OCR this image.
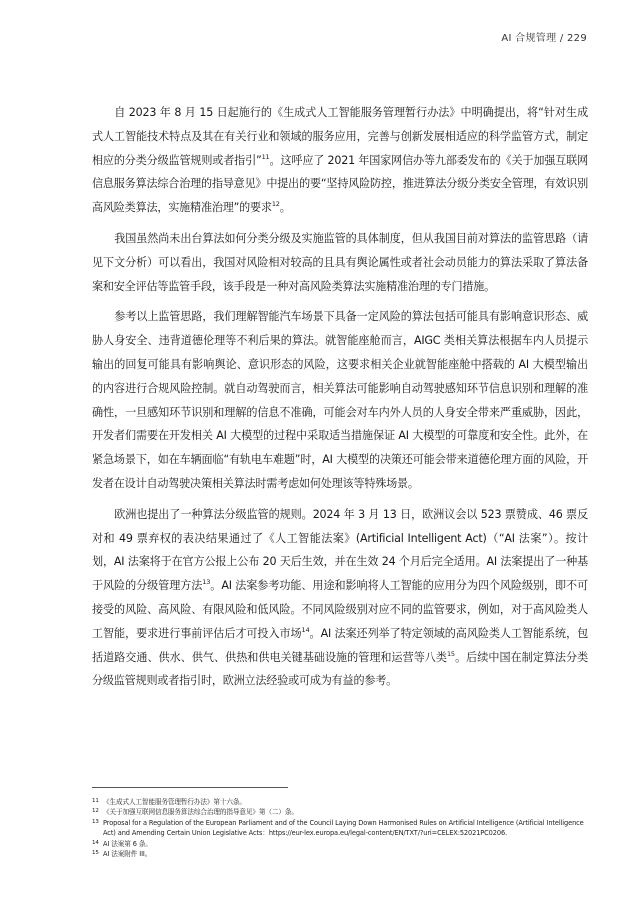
AI 合规管理 / 229

自 2023 年 8 月 15 日起施行的《生成式人工智能服务管理暂行办法》中明确提出，将“针对生成式人工智能技术特点及其在有关行业和领域的服务应用，完善与创新发展相适应的科学监管方式，制定相应的分类分级监管规则或者指引”$^{11}$。这呼应了 2021 年国家网信办等九部委发布的《关于加强互联网信息服务算法综合治理的指导意见》中提出的要“坚持风险防控，推进算法分级分类安全管理，有效识别高风险类算法，实施精准治理”的要求$^{12}$。

我国虽然尚未出台算法如何分类分级及实施监管的具体制度，但从我国目前对算法的监管思路（请见下文分析）可以看出，我国对风险相对较高的且具有舆论属性或者社会动员能力的算法采取了算法备案和安全评估等监管手段，该手段是一种对高风险类算法实施精准治理的专门措施。

参考以上监管思路，我们理解智能汽车场景下具备一定风险的算法包括可能具有影响意识形态、威胁人身安全、违背道德伦理等不利后果的算法。就智能座舱而言，AIGC 类相关算法根据车内人员提示输出的回复可能具有影响舆论、意识形态的风险，这要求相关企业就智能座舱中搭载的 AI 大模型输出的内容进行合规风险控制。就自动驾驶而言，相关算法可能影响自动驾驶感知环节信息识别和理解的准确性，一旦感知环节识别和理解的信息不准确，可能会对车内外人员的人身安全带来严重威胁，因此，开发者们需要在开发相关 AI 大模型的过程中采取适当措施保证 AI 大模型的可靠度和安全性。此外，在紧急场景下，如在车辆面临“有轨电车难题”时，AI 大模型的决策还可能会带来道德伦理方面的风险，开发者在设计自动驾驶决策相关算法时需考虑如何处理该等特殊场景。

欧洲也提出了一种算法分级监管的规则。2024 年 3 月 13 日，欧洲议会以 523 票赞成、46 票反对和 49 票弃权的表决结果通过了《人工智能法案》(Artificial Intelligent Act)（“AI 法案”）。按计划，AI 法案将于在官方公报上公布 20 天后生效，并在生效 24 个月后完全适用。AI 法案提出了一种基于风险的分级管理方法$^{13}$。AI 法案参考功能、用途和影响将人工智能的应用分为四个风险级别，即不可接受的风险、高风险、有限风险和低风险。不同风险级别对应不同的监管要求，例如，对于高风险类人工智能，要求进行事前评估后才可投入市场$^{14}$。AI 法案还列举了特定领域的高风险类人工智能系统，包括道路交通、供水、供气、供热和供电关键基础设施的管理和运营等八类$^{15}$。后续中国在制定算法分类分级监管规则或者指引时，欧洲立法经验或可成为有益的参考。

11 《生成式人工智能服务管理暂行办法》第十六条。

12 《关于加强互联网信息服务算法综合治理的指导意见》第（二）条。

13 Proposal for a Regulation of the European Parliament and of the Council Laying Down Harmonised Rules on Artificial Intelligence (Artificial Intelligence Act) and Amending Certain Union Legislative Acts：https://eur-lex.europa.eu/legal-content/EN/TXT/?uri=CELEX:52021PC0206.

14 AI 法案第 6 条。

15 AI 法案附件 III。
